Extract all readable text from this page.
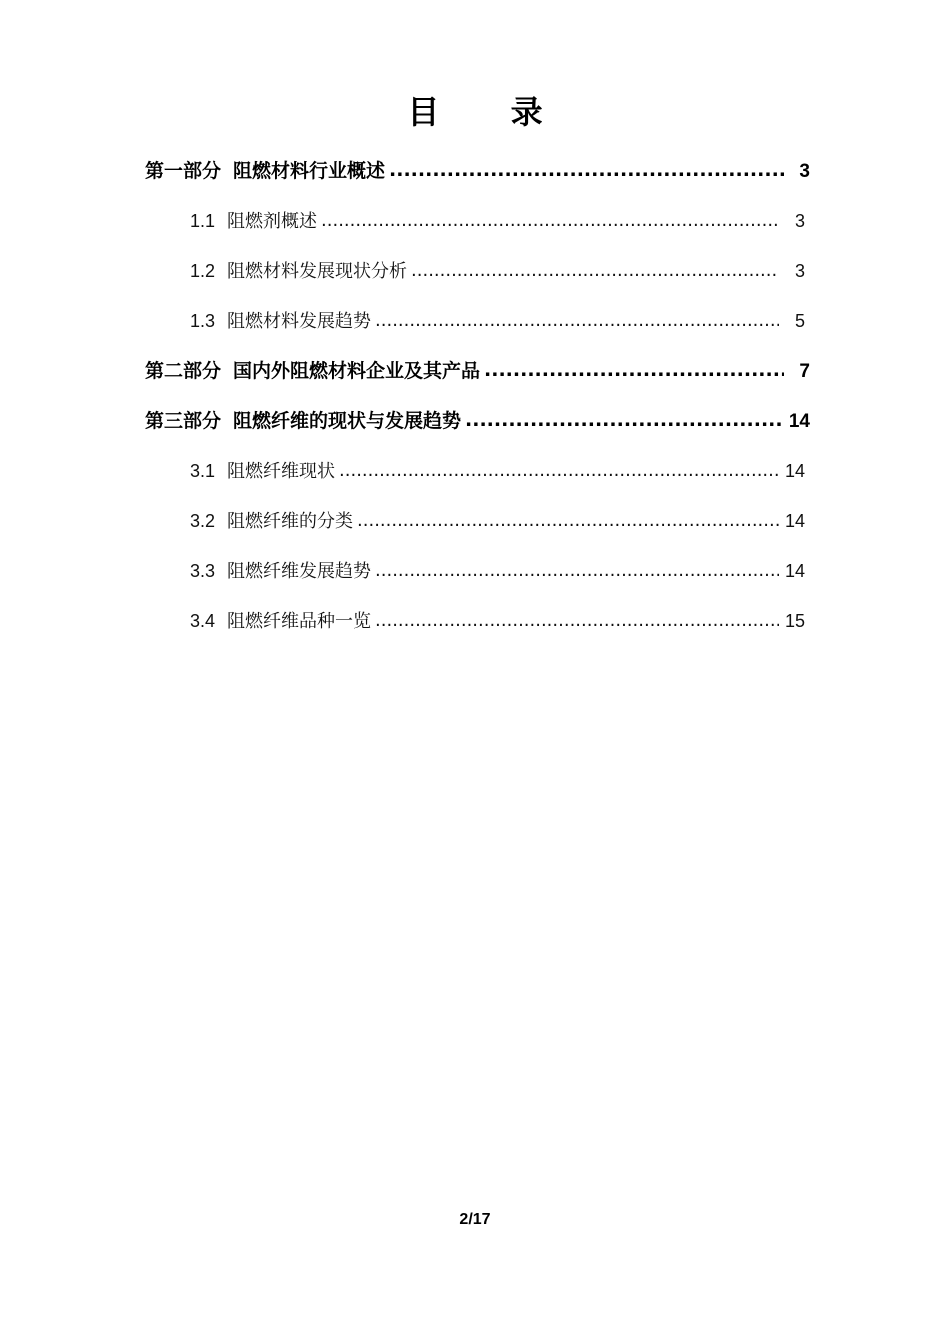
目 录
第一部分 阻燃材料行业概述 .....	3
1.1 阻燃剂概述 .....	3
1.2 阻燃材料发展现状分析 .....	3
1.3 阻燃材料发展趋势 .....	5
第二部分 国内外阻燃材料企业及其产品 .....	7
第三部分 阻燃纤维的现状与发展趋势 .....	14
3.1 阻燃纤维现状 .....	14
3.2 阻燃纤维的分类 .....	14
3.3 阻燃纤维发展趋势 .....	14
3.4 阻燃纤维品种一览 .....	15
2/17
